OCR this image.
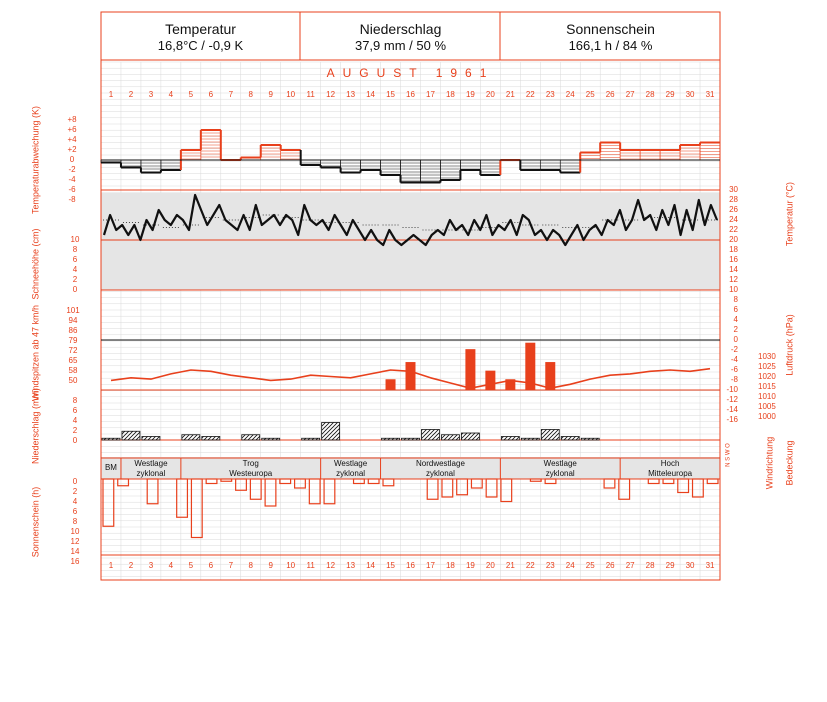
Temperatur
16,8°C / -0,9 K
Niederschlag
37,9 mm / 50 %
Sonnenschein
166,1 h / 84 %
AUGUST 1961
1
1
2
2
3
3
4
4
5
5
6
6
7
7
8
8
9
9
10
10
11
11
12
12
13
13
14
14
15
15
16
16
17
17
18
18
19
19
20
20
21
21
22
22
23
23
24
24
25
25
26
26
27
27
28
28
29
29
30
30
31
31
BM Westlage
zyklonal
Trog
Westeuropa
Westlage
zyklonal
Nordwestlage
zyklonal
Westlage
zyklonal
Hoch
Mitteleuropa
+8
+6
+4
+2
0
-2
-4
-6
-8
10
8
6
4
2
0
101
94
86
79
72
65
58
50
8
6
4
2
0
0
2
4
6
8
10
12
14
16
30
28
26
24
22
20
18
16
14
12
10
8
6
4
2
0
-2
-4
-6
-8
-10
-12
-14
-16
1030
1025
1020
1015
1010
1005
1000
N S W O
Temperaturabweichung (K)
Schneehöhe (cm)
Windspitzen ab 47 km/h
Niederschlag (mm)
Sonnenschein (h)
Temperatur (°C)
Luftdruck (hPa)
Windrichtung Bedeckung
